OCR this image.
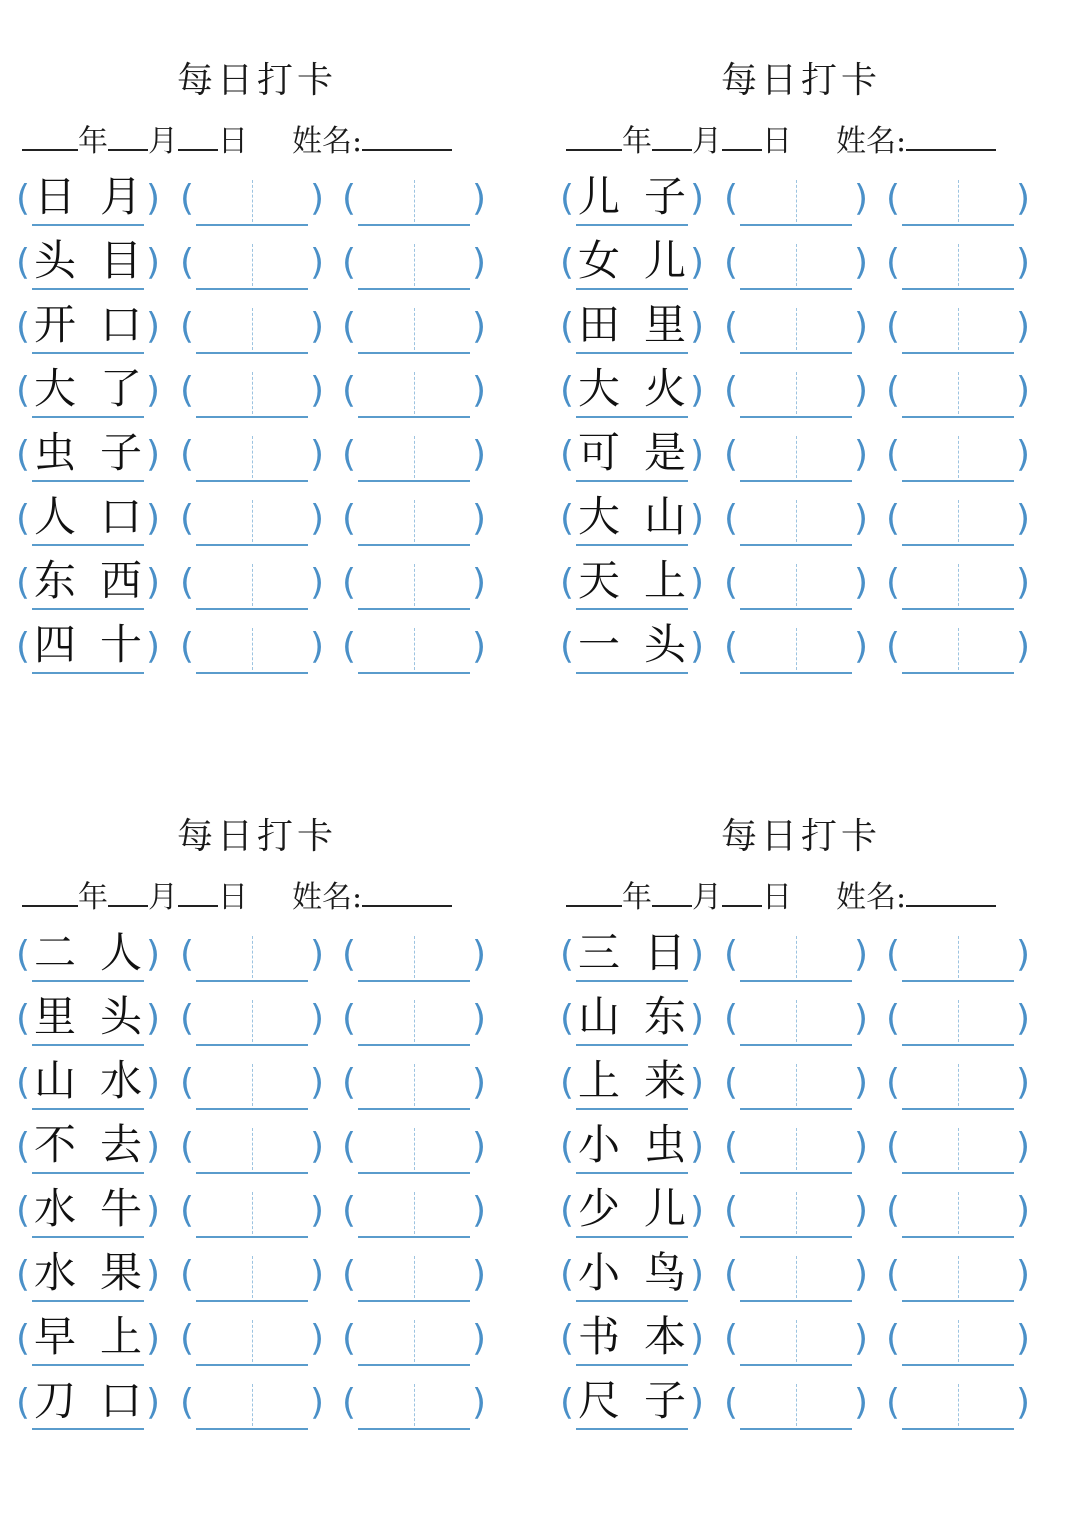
每日打卡
年 月 日 姓名:
( 日 月 ) (	) (	)
( 头 目 ) (	) (	)
( 开 口 ) (	) (	)
( 大 了 ) (	) (	)
( 虫 子 ) (	) (	)
( 人 口 ) (	) (	)
( 东 西 ) (	) (	)
( 四 十 ) (	) (	)
每日打卡
年 月 日 姓名:
( 儿 子 ) (	) (	)
( 女 儿 ) (	) (	)
( 田 里 ) (	) (	)
( 大 火 ) (	) (	)
( 可 是 ) (	) (	)
( 大 山 ) (	) (	)
( 天 上 ) (	) (	)
( 一 头 ) (	) (	)
每日打卡
年 月 日 姓名:
( 二 人 ) (	) (	)
( 里 头 ) (	) (	)
( 山 水 ) (	) (	)
( 不 去 ) (	) (	)
( 水 牛 ) (	) (	)
( 水 果 ) (	) (	)
( 早 上 ) (	) (	)
( 刀 口 ) (	) (	)
每日打卡
年 月 日 姓名:
( 三 日 ) (	) (	)
( 山 东 ) (	) (	)
( 上 来 ) (	) (	)
( 小 虫 ) (	) (	)
( 少 儿 ) (	) (	)
( 小 鸟 ) (	) (	)
( 书 本 ) (	) (	)
( 尺 子 ) (	) (	)
